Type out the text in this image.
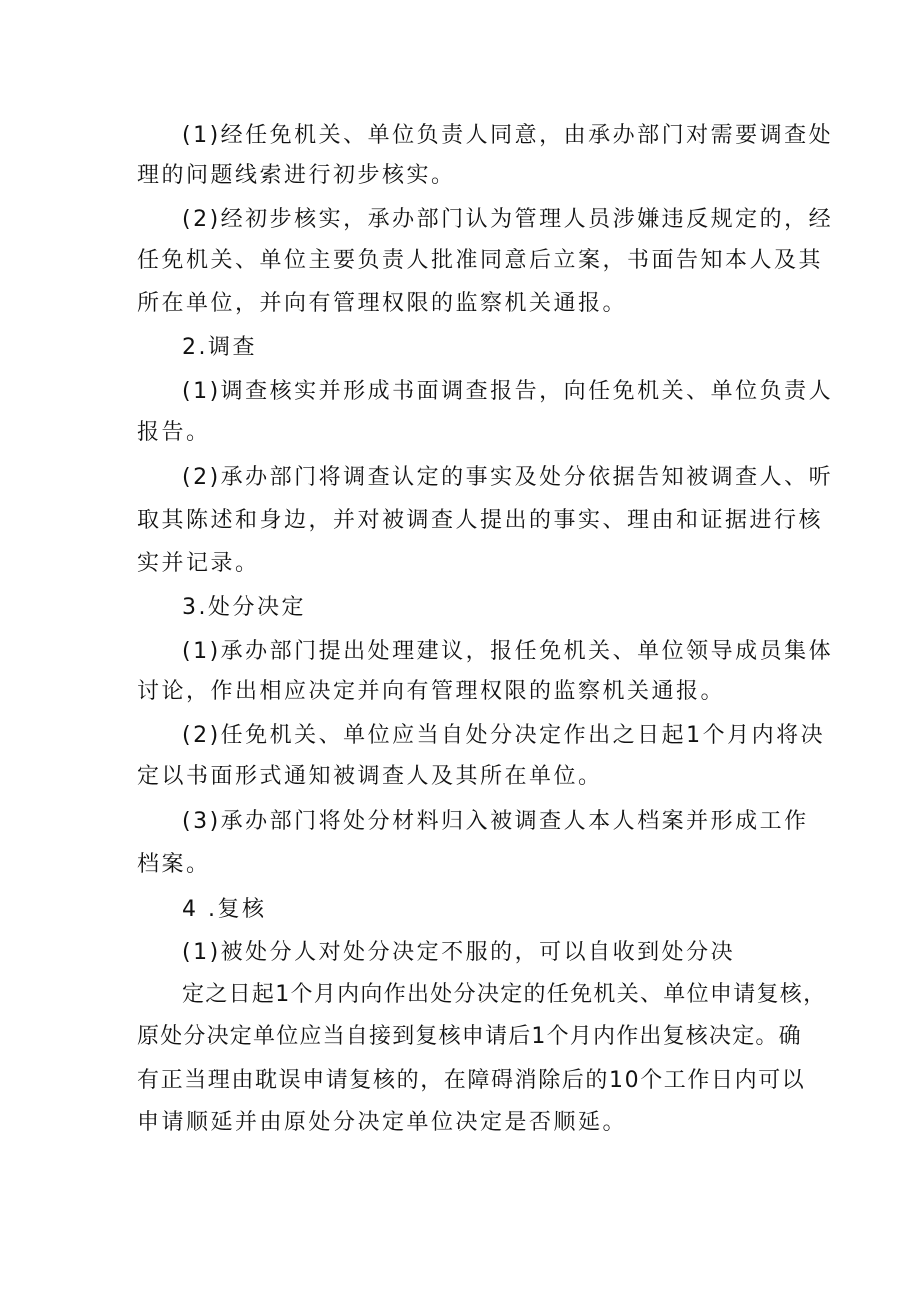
(1)经任免机关、单位负责人同意，由承办部门对需要调查处
理的问题线索进行初步核实。
(2)经初步核实，承办部门认为管理人员涉嫌违反规定的，经
任免机关、单位主要负责人批准同意后立案，书面告知本人及其
所在单位，并向有管理权限的监察机关通报。
2.调查
(1)调查核实并形成书面调查报告，向任免机关、单位负责人
报告。
(2)承办部门将调查认定的事实及处分依据告知被调查人、听
取其陈述和身边，并对被调查人提出的事实、理由和证据进行核
实并记录。
3.处分决定
(1)承办部门提出处理建议，报任免机关、单位领导成员集体
讨论，作出相应决定并向有管理权限的监察机关通报。
(2)任免机关、单位应当自处分决定作出之日起1个月内将决
定以书面形式通知被调查人及其所在单位。
(3)承办部门将处分材料归入被调查人本人档案并形成工作
档案。
4 .复核
(1)被处分人对处分决定不服的，可以自收到处分决
定之日起1个月内向作出处分决定的任免机关、单位申请复核，
原处分决定单位应当自接到复核申请后1个月内作出复核决定。确
有正当理由耽误申请复核的，在障碍消除后的10个工作日内可以
申请顺延并由原处分决定单位决定是否顺延。
